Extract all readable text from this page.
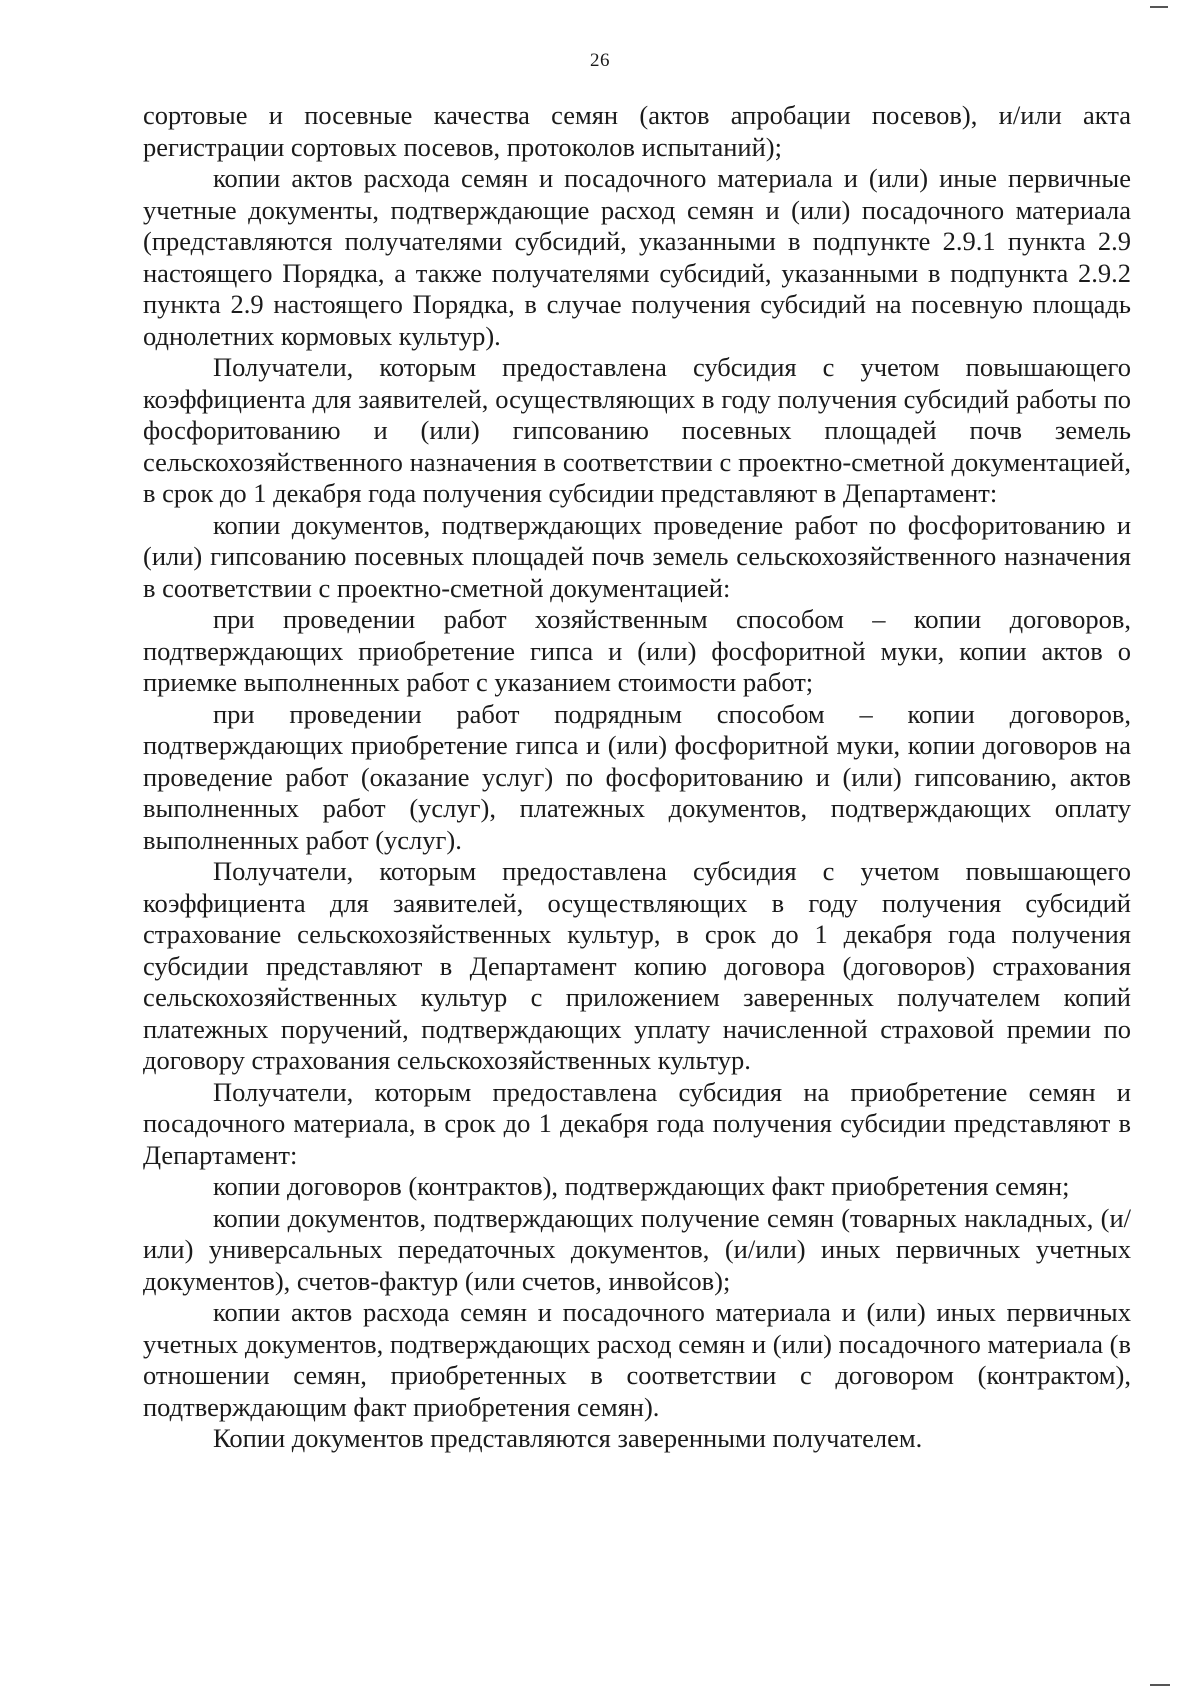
26

сортовые и посевные качества семян (актов апробации посевов), и/или акта регистрации сортовых посевов, протоколов испытаний);

копии актов расхода семян и посадочного материала и (или) иные первичные учетные документы, подтверждающие расход семян и (или) посадочного материала (представляются получателями субсидий, указанными в подпункте 2.9.1 пункта 2.9 настоящего Порядка, а также получателями субсидий, указанными в подпункта 2.9.2 пункта 2.9 настоящего Порядка, в случае получения субсидий на посевную площадь однолетних кормовых культур).

Получатели, которым предоставлена субсидия с учетом повышающего коэффициента для заявителей, осуществляющих в году получения субсидий работы по фосфоритованию и (или) гипсованию посевных площадей почв земель сельскохозяйственного назначения в соответствии с проектно-сметной документацией, в срок до 1 декабря года получения субсидии представляют в Департамент:

копии документов, подтверждающих проведение работ по фосфоритованию и (или) гипсованию посевных площадей почв земель сельскохозяйственного назначения в соответствии с проектно-сметной документацией:

при проведении работ хозяйственным способом – копии договоров, подтверждающих приобретение гипса и (или) фосфоритной муки, копии актов о приемке выполненных работ с указанием стоимости работ;

при проведении работ подрядным способом – копии договоров, подтверждающих приобретение гипса и (или) фосфоритной муки, копии договоров на проведение работ (оказание услуг) по фосфоритованию и (или) гипсованию, актов выполненных работ (услуг), платежных документов, подтверждающих оплату выполненных работ (услуг).

Получатели, которым предоставлена субсидия с учетом повышающего коэффициента для заявителей, осуществляющих в году получения субсидий страхование сельскохозяйственных культур, в срок до 1 декабря года получения субсидии представляют в Департамент копию договора (договоров) страхования сельскохозяйственных культур с приложением заверенных получателем копий платежных поручений, подтверждающих уплату начисленной страховой премии по договору страхования сельскохозяйственных культур.

Получатели, которым предоставлена субсидия на приобретение семян и посадочного материала, в срок до 1 декабря года получения субсидии представляют в Департамент:

копии договоров (контрактов), подтверждающих факт приобретения семян;

копии документов, подтверждающих получение семян (товарных накладных, (и/или) универсальных передаточных документов, (и/или) иных первичных учетных документов), счетов-фактур (или счетов, инвойсов);

копии актов расхода семян и посадочного материала и (или) иных первичных учетных документов, подтверждающих расход семян и (или) посадочного материала (в отношении семян, приобретенных в соответствии с договором (контрактом), подтверждающим факт приобретения семян).

Копии документов представляются заверенными получателем.
